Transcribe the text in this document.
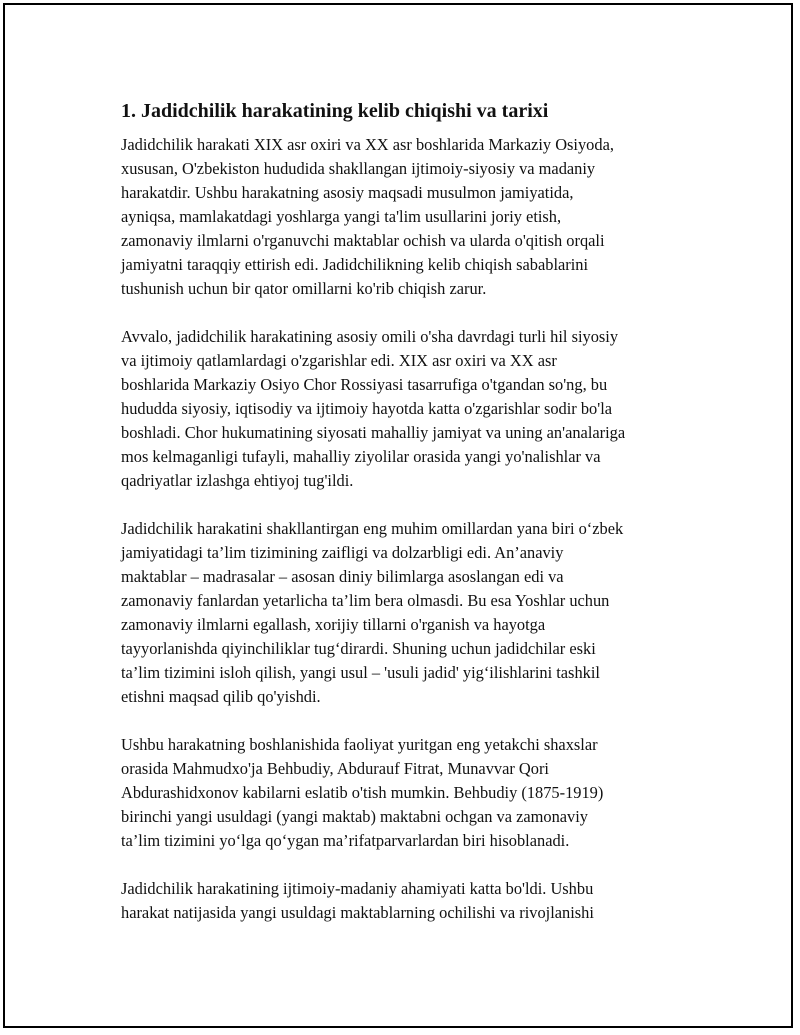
1. Jadidchilik harakatining kelib chiqishi va tarixi
Jadidchilik harakati XIX asr oxiri va XX asr boshlarida Markaziy Osiyoda,
xususan, O'zbekiston hududida shakllangan ijtimoiy-siyosiy va madaniy
harakatdir. Ushbu harakatning asosiy maqsadi musulmon jamiyatida,
ayniqsa, mamlakatdagi yoshlarga yangi ta'lim usullarini joriy etish,
zamonaviy ilmlarni o'rganuvchi maktablar ochish va ularda o'qitish orqali
jamiyatni taraqqiy ettirish edi. Jadidchilikning kelib chiqish sabablarini
tushunish uchun bir qator omillarni ko'rib chiqish zarur.
Avvalo, jadidchilik harakatining asosiy omili o'sha davrdagi turli hil siyosiy
va ijtimoiy qatlamlardagi o'zgarishlar edi. XIX asr oxiri va XX asr
boshlarida Markaziy Osiyo Chor Rossiyasi tasarrufiga o'tgandan so'ng, bu
hududda siyosiy, iqtisodiy va ijtimoiy hayotda katta o'zgarishlar sodir bo'la
boshladi. Chor hukumatining siyosati mahalliy jamiyat va uning an'analariga
mos kelmaganligi tufayli, mahalliy ziyolilar orasida yangi yo'nalishlar va
qadriyatlar izlashga ehtiyoj tug'ildi.
Jadidchilik harakatini shakllantirgan eng muhim omillardan yana biri o‘zbek
jamiyatidagi ta’lim tizimining zaifligi va dolzarbligi edi. An’anaviy
maktablar – madrasalar – asosan diniy bilimlarga asoslangan edi va
zamonaviy fanlardan yetarlicha ta’lim bera olmasdi. Bu esa Yoshlar uchun
zamonaviy ilmlarni egallash, xorijiy tillarni o'rganish va hayotga
tayyorlanishda qiyinchiliklar tug‘dirardi. Shuning uchun jadidchilar eski
ta’lim tizimini isloh qilish, yangi usul – 'usuli jadid' yig‘ilishlarini tashkil
etishni maqsad qilib qo'yishdi.
Ushbu harakatning boshlanishida faoliyat yuritgan eng yetakchi shaxslar
orasida Mahmudxo'ja Behbudiy, Abdurauf Fitrat, Munavvar Qori
Abdurashidxonov kabilarni eslatib o'tish mumkin. Behbudiy (1875-1919)
birinchi yangi usuldagi (yangi maktab) maktabni ochgan va zamonaviy
ta’lim tizimini yo‘lga qo‘ygan ma’rifatparvarlardan biri hisoblanadi.
Jadidchilik harakatining ijtimoiy-madaniy ahamiyati katta bo'ldi. Ushbu
harakat natijasida yangi usuldagi maktablarning ochilishi va rivojlanishi
